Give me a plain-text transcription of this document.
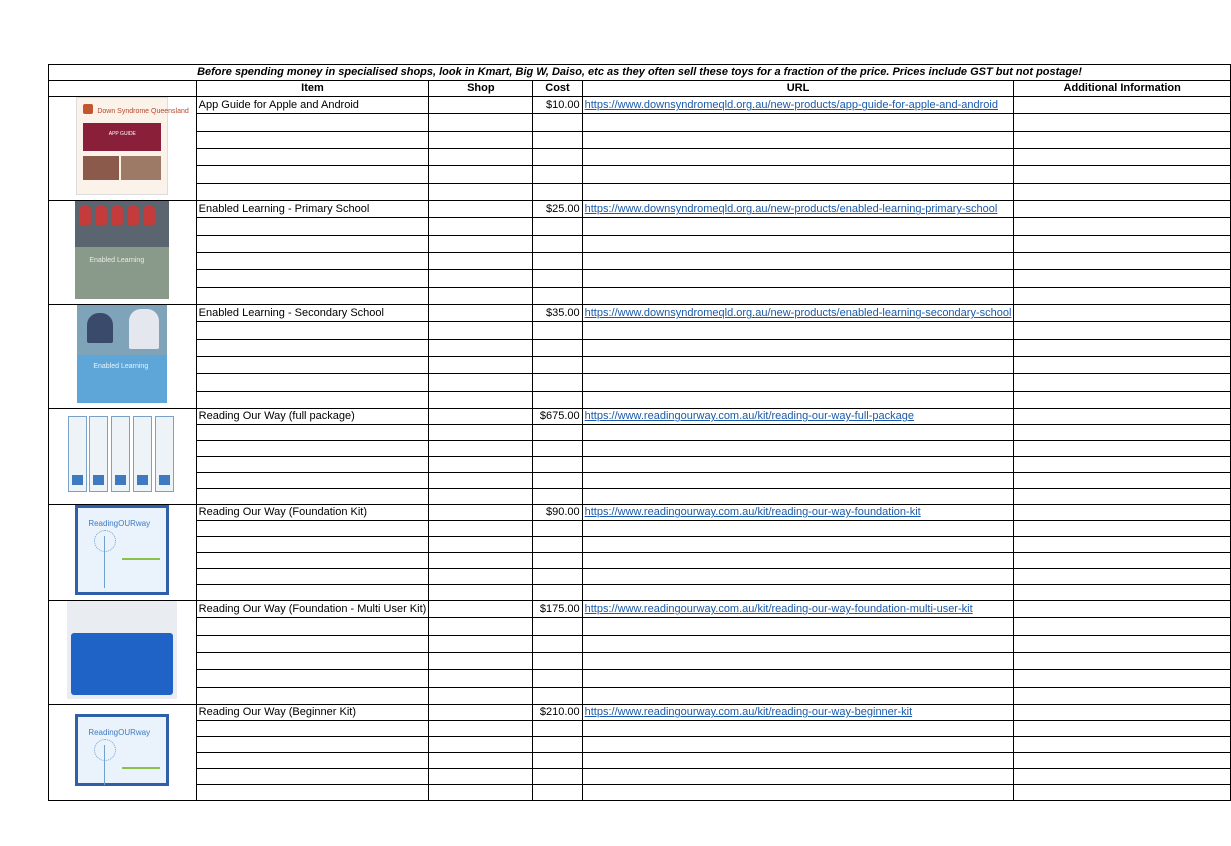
Before spending money in specialised shops, look in Kmart, Big W, Daiso, etc as they often sell these toys for a fraction of the price. Prices include GST but not postage!					
	Item	Shop	Cost	URL	Additional Information

Down Syndrome Queensland
APP GUIDE	App Guide for Apple and Android		$10.00	https://www.downsyndromeqld.org.au/new-products/app-guide-for-apple-and-android	

Enabled Learning	Enabled Learning - Primary School		$25.00	https://www.downsyndromeqld.org.au/new-products/enabled-learning-primary-school	

Enabled Learning	Enabled Learning - Secondary School		$35.00	https://www.downsyndromeqld.org.au/new-products/enabled-learning-secondary-school	

	Reading Our Way (full package)		$675.00	https://www.readingourway.com.au/kit/reading-our-way-full-package	

ReadingOURway	Reading Our Way (Foundation Kit)		$90.00	https://www.readingourway.com.au/kit/reading-our-way-foundation-kit	

	Reading Our Way (Foundation - Multi User Kit)		$175.00	https://www.readingourway.com.au/kit/reading-our-way-foundation-multi-user-kit	

ReadingOURway	Reading Our Way (Beginner Kit)		$210.00	https://www.readingourway.com.au/kit/reading-our-way-beginner-kit	
